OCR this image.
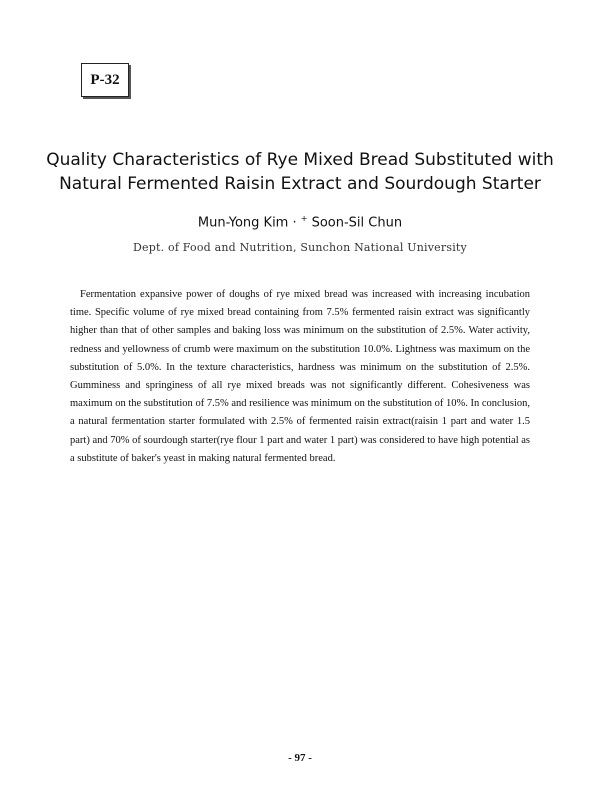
P-32
Quality Characteristics of Rye Mixed Bread Substituted with
Natural Fermented Raisin Extract and Sourdough Starter
Mun-Yong Kim · + Soon-Sil Chun
Dept. of Food and Nutrition, Sunchon National University

Fermentation expansive power of doughs of rye mixed bread was increased with increasing incubation time. Specific volume of rye mixed bread containing from 7.5% fermented raisin extract was significantly higher than that of other samples and baking loss was minimum on the substitution of 2.5%. Water activity, redness and yellowness of crumb were maximum on the substitution 10.0%. Lightness was maximum on the substitution of 5.0%. In the texture characteristics, hardness was minimum on the substitution of 2.5%. Gumminess and springiness of all rye mixed breads was not significantly different. Cohesiveness was maximum on the substitution of 7.5% and resilience was minimum on the substitution of 10%. In conclusion, a natural fermentation starter formulated with 2.5% of fermented raisin extract(raisin 1 part and water 1.5 part) and 70% of sourdough starter(rye flour 1 part and water 1 part) was considered to have high potential as a substitute of baker's yeast in making natural fermented bread.

- 97 -
